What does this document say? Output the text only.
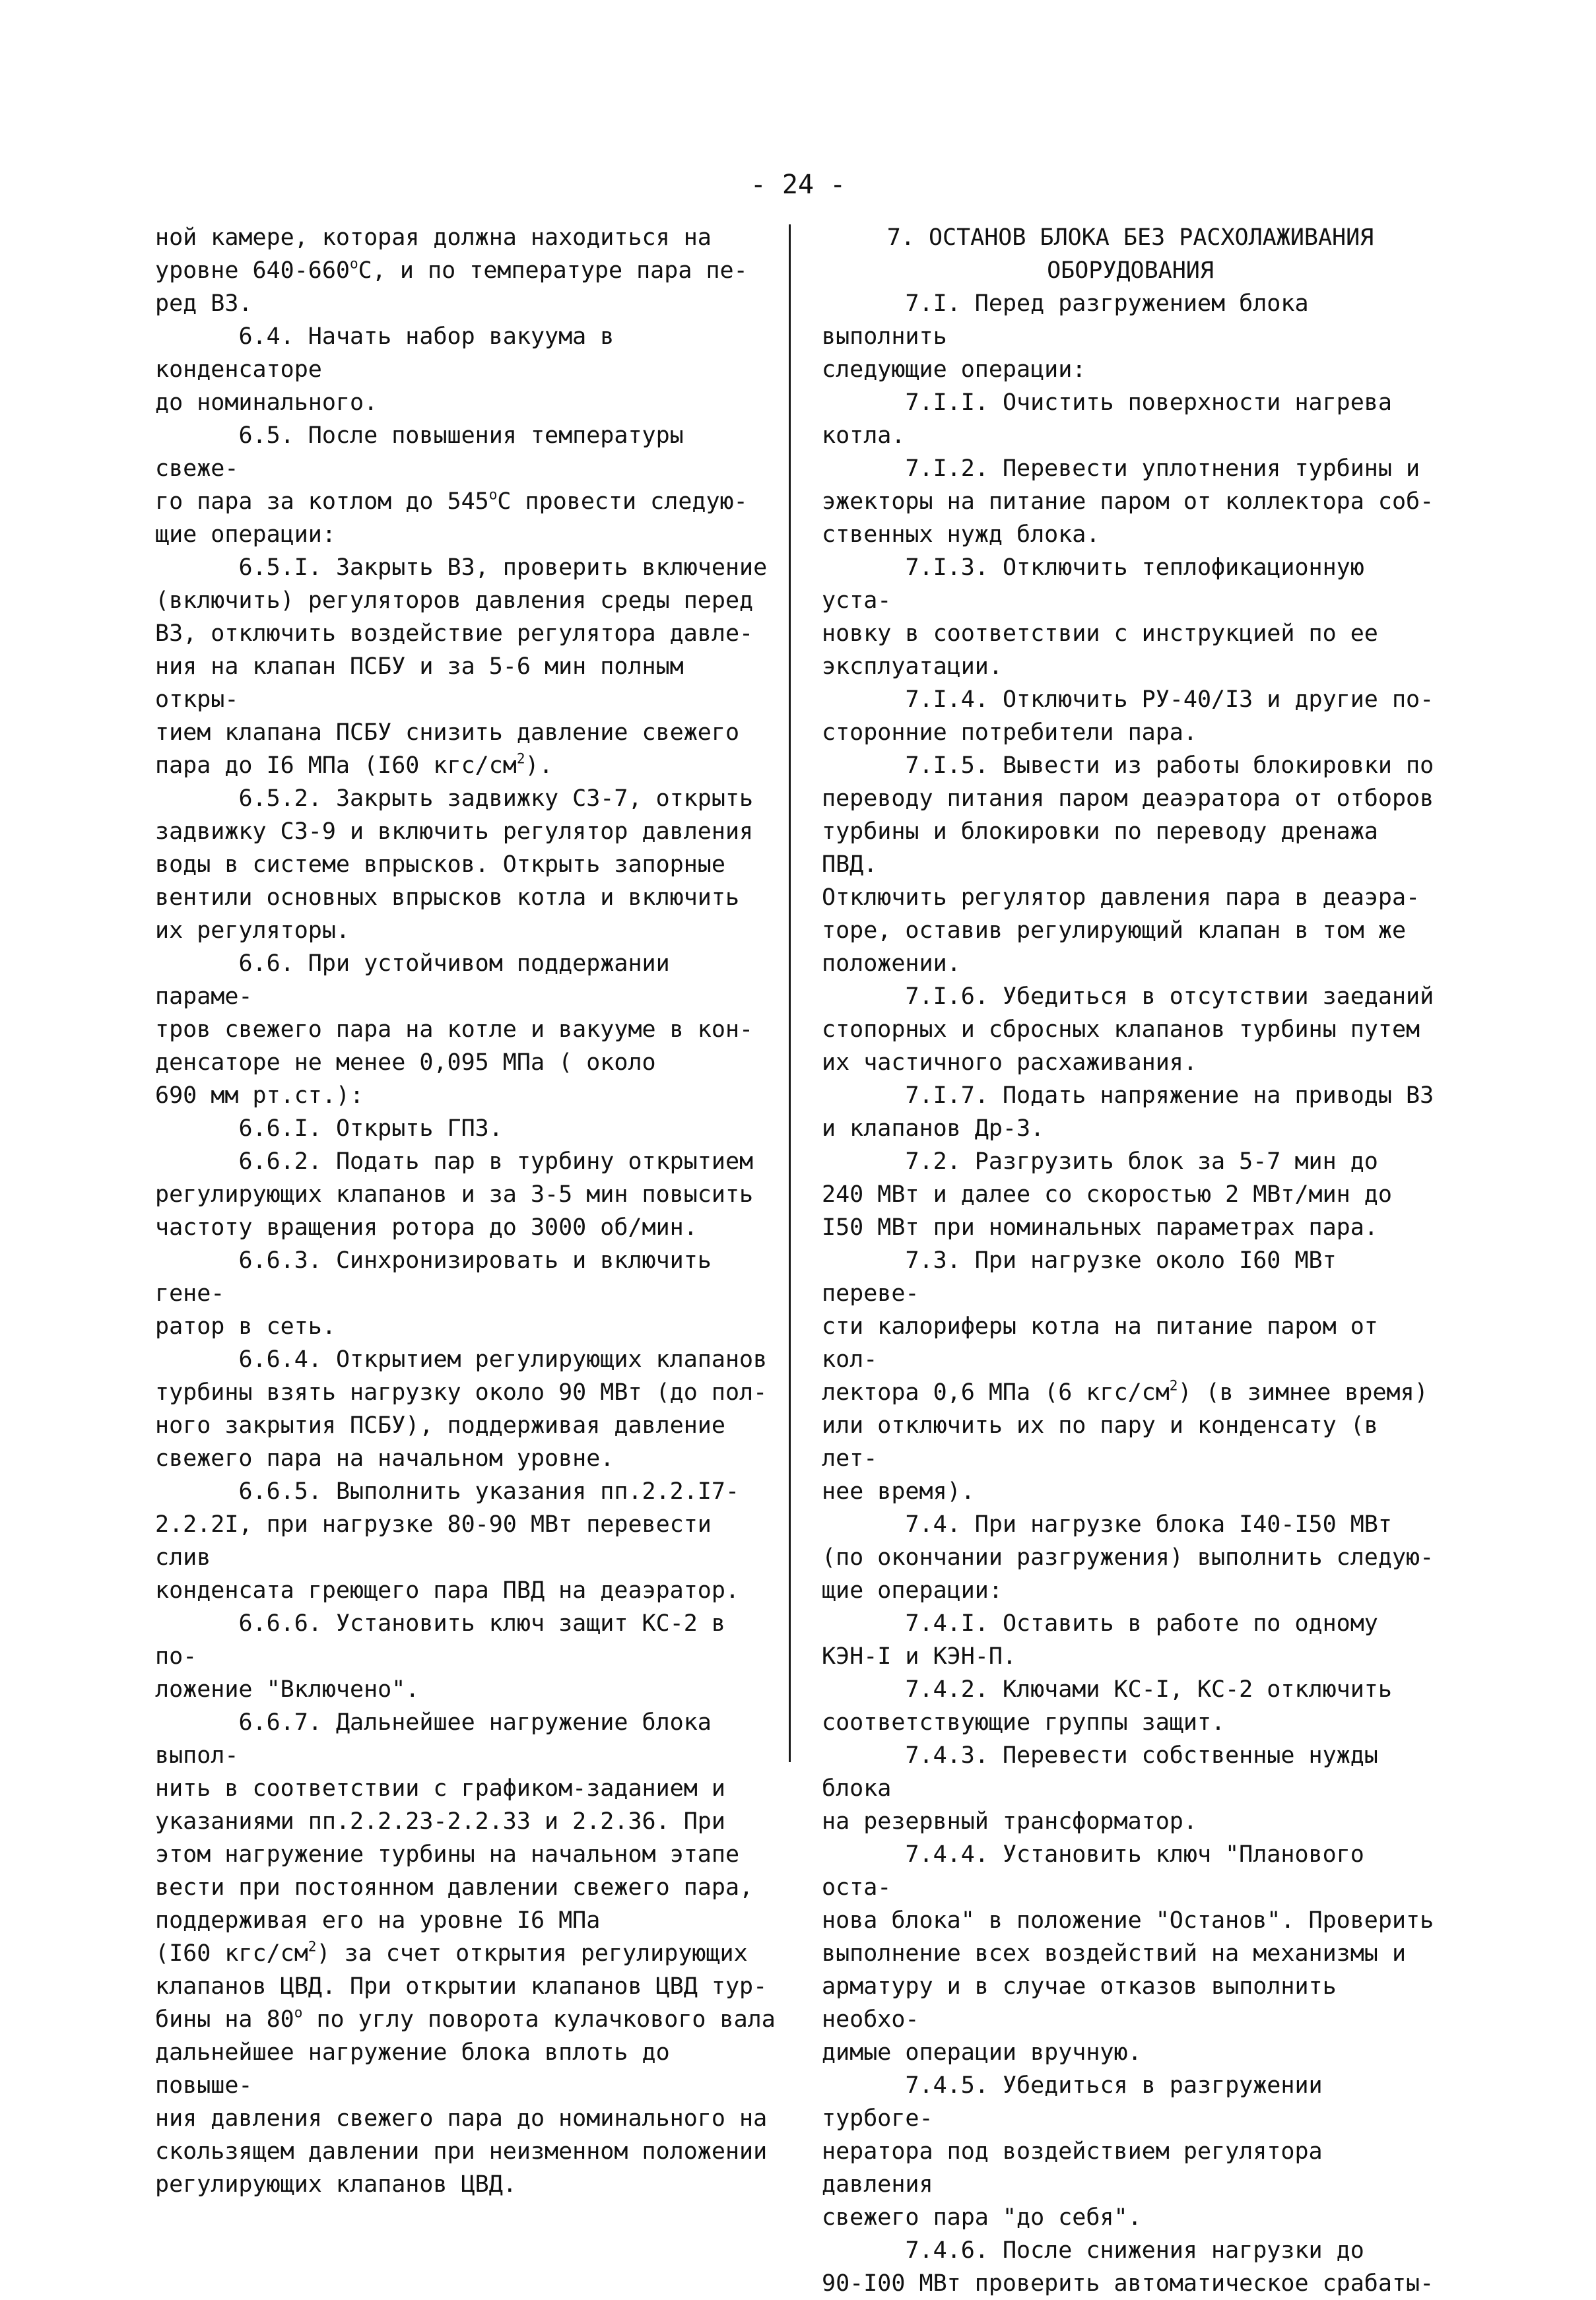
- 24 -

ной камере, которая должна находиться на
уровне $640-660^оС$, и по температуре пара пе-
ред ВЗ.

6.4. Начать набор вакуума в конденсаторе
до номинального.

6.5. После повышения температуры свеже-
го пара за котлом до $545^оС$ провести следую-
щие операции:

6.5.I. Закрыть ВЗ, проверить включение
(включить) регуляторов давления среды перед
ВЗ, отключить воздействие регулятора давле-
ния на клапан ПСБУ и за 5-6 мин полным откры-
тием клапана ПСБУ снизить давление свежего
пара до I6 МПа (I60 кгс/$см^2$).

6.5.2. Закрыть задвижку СЗ-7, открыть
задвижку СЗ-9 и включить регулятор давления
воды в системе впрысков. Открыть запорные
вентили основных впрысков котла и включить
их регуляторы.

6.6. При устойчивом поддержании параме-
тров свежего пара на котле и вакууме в кон-
денсаторе не менее 0,095 МПа ( около
690 мм рт.ст.):

6.6.I. Открыть ГПЗ.

6.6.2. Подать пар в турбину открытием
регулирующих клапанов и за 3-5 мин повысить
частоту вращения ротора до 3000 об/мин.

6.6.3. Синхронизировать и включить гене-
ратор в сеть.

6.6.4. Открытием регулирующих клапанов
турбины взять нагрузку около 90 МВт (до пол-
ного закрытия ПСБУ), поддерживая давление
свежего пара на начальном уровне.

6.6.5. Выполнить указания пп.2.2.I7-
2.2.2I, при нагрузке 80-90 МВт перевести слив
конденсата греющего пара ПВД на деаэратор.

6.6.6. Установить ключ защит КС-2 в по-
ложение "Включено".

6.6.7. Дальнейшее нагружение блока выпол-
нить в соответствии с графиком-заданием и
указаниями пп.2.2.23-2.2.33 и 2.2.36. При
этом нагружение турбины на начальном этапе
вести при постоянном давлении свежего пара,
поддерживая его на уровне I6 МПа
(I60 кгс/$см^2$) за счет открытия регулирующих
клапанов ЦВД. При открытии клапанов ЦВД тур-
бины на $80^о$ по углу поворота кулачкового вала
дальнейшее нагружение блока вплоть до повыше-
ния давления свежего пара до номинального на
скользящем давлении при неизменном положении
регулирующих клапанов ЦВД.

7. ОСТАНОВ БЛОКА БЕЗ РАСХОЛАЖИВАНИЯ
ОБОРУДОВАНИЯ

7.I. Перед разгружением блока выполнить
следующие операции:

7.I.I. Очистить поверхности нагрева
котла.

7.I.2. Перевести уплотнения турбины и
эжекторы на питание паром от коллектора соб-
ственных нужд блока.

7.I.3. Отключить теплофикационную уста-
новку в соответствии с инструкцией по ее
эксплуатации.

7.I.4. Отключить РУ-40/I3 и другие по-
сторонние потребители пара.

7.I.5. Вывести из работы блокировки по
переводу питания паром деаэратора от отборов
турбины и блокировки по переводу дренажа ПВД.
Отключить регулятор давления пара в деаэра-
торе, оставив регулирующий клапан в том же
положении.

7.I.6. Убедиться в отсутствии заеданий
стопорных и сбросных клапанов турбины путем
их частичного расхаживания.

7.I.7. Подать напряжение на приводы ВЗ
и клапанов Др-3.

7.2. Разгрузить блок за 5-7 мин до
240 МВт и далее со скоростью 2 МВт/мин до
I50 МВт при номинальных параметрах пара.

7.3. При нагрузке около I60 МВт переве-
сти калориферы котла на питание паром от кол-
лектора 0,6 МПа (6 кгс/$см^2$) (в зимнее время)
или отключить их по пару и конденсату (в лет-
нее время).

7.4. При нагрузке блока I40-I50 МВт
(по окончании разгружения) выполнить следую-
щие операции:

7.4.I. Оставить в работе по одному
КЭН-I и КЭН-П.

7.4.2. Ключами КС-I, КС-2 отключить
соответствующие группы защит.

7.4.3. Перевести собственные нужды блока
на резервный трансформатор.

7.4.4. Установить ключ "Планового оста-
нова блока" в положение "Останов". Проверить
выполнение всех воздействий на механизмы и
арматуру и в случае отказов выполнить необхо-
димые операции вручную.

7.4.5. Убедиться в разгружении турбоге-
нератора под воздействием регулятора давления
свежего пара "до себя".

7.4.6. После снижения нагрузки до
90-I00 МВт проверить автоматическое срабаты-
